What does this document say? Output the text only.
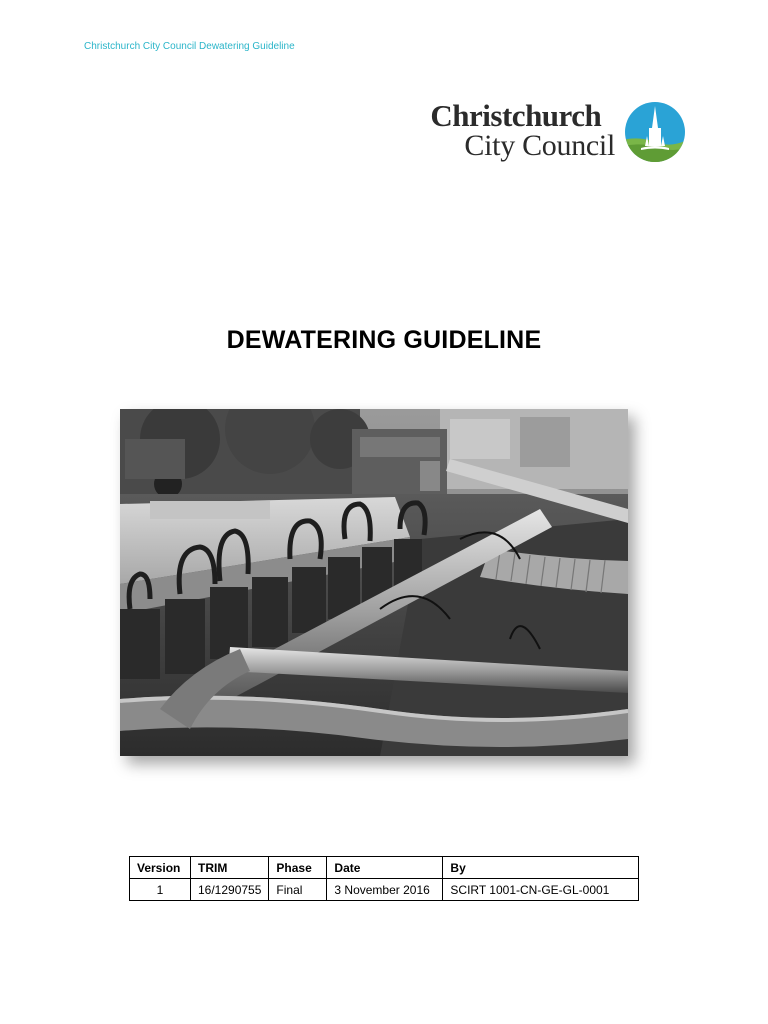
Christchurch City Council Dewatering Guideline
Christchurch
City Council
DEWATERING GUIDELINE
Version	TRIM	Phase	Date	By
1	16/1290755	Final	3 November 2016	SCIRT 1001-CN-GE-GL-0001
